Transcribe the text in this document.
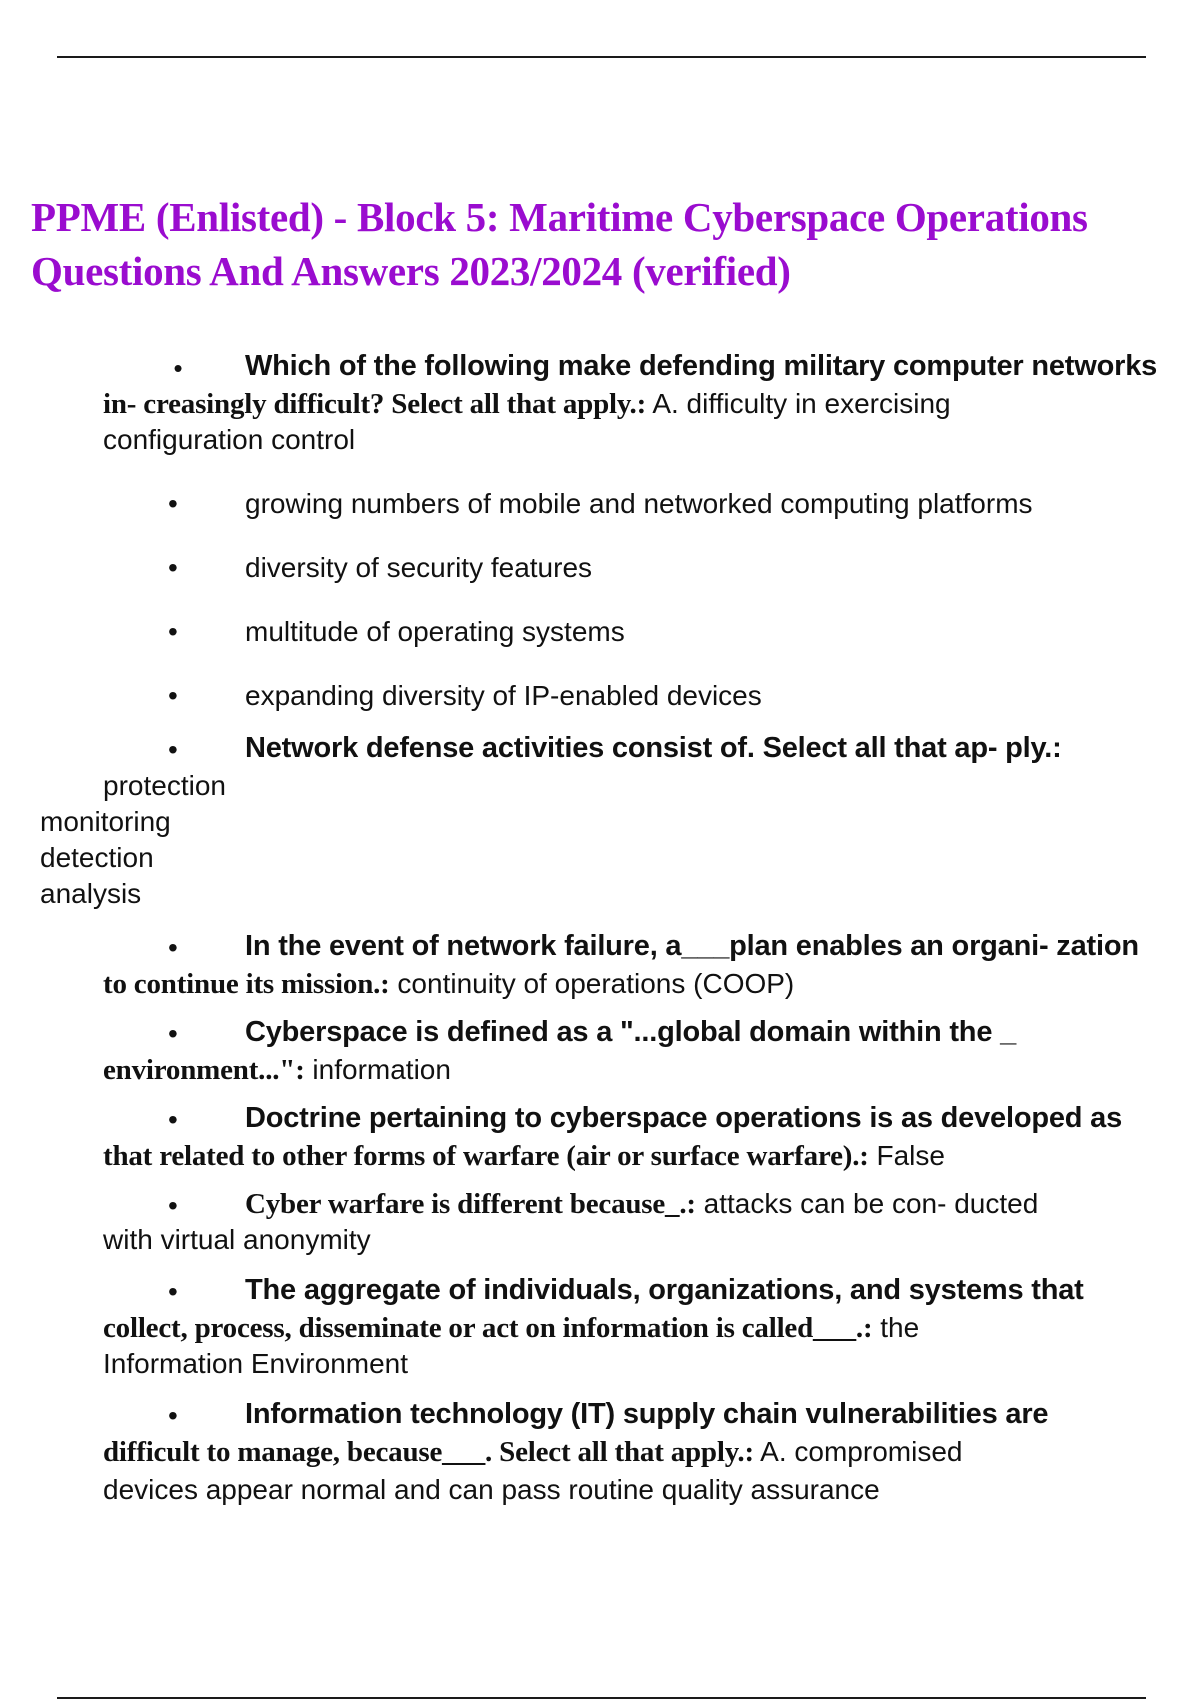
PPME (Enlisted) - Block 5: Maritime Cyberspace Operations
Questions And Answers 2023/2024 (verified)
• Which of the following make defending military computer networks
in- creasingly difficult? Select all that apply.: A. difficulty in exercising
configuration control
• growing numbers of mobile and networked computing platforms
• diversity of security features
• multitude of operating systems
• expanding diversity of IP-enabled devices
• Network defense activities consist of. Select all that ap- ply.:
protection
monitoring
detection
analysis
• In the event of network failure, a___plan enables an organi- zation
to continue its mission.: continuity of operations (COOP)
• Cyberspace is defined as a "...global domain within the _
environment...": information
• Doctrine pertaining to cyberspace operations is as developed as
that related to other forms of warfare (air or surface warfare).: False
• Cyber warfare is different because_.: attacks can be con- ducted
with virtual anonymity
• The aggregate of individuals, organizations, and systems that
collect, process, disseminate or act on information is called___.: the
Information Environment
• Information technology (IT) supply chain vulnerabilities are
difficult to manage, because___. Select all that apply.: A. compromised
devices appear normal and can pass routine quality assurance
